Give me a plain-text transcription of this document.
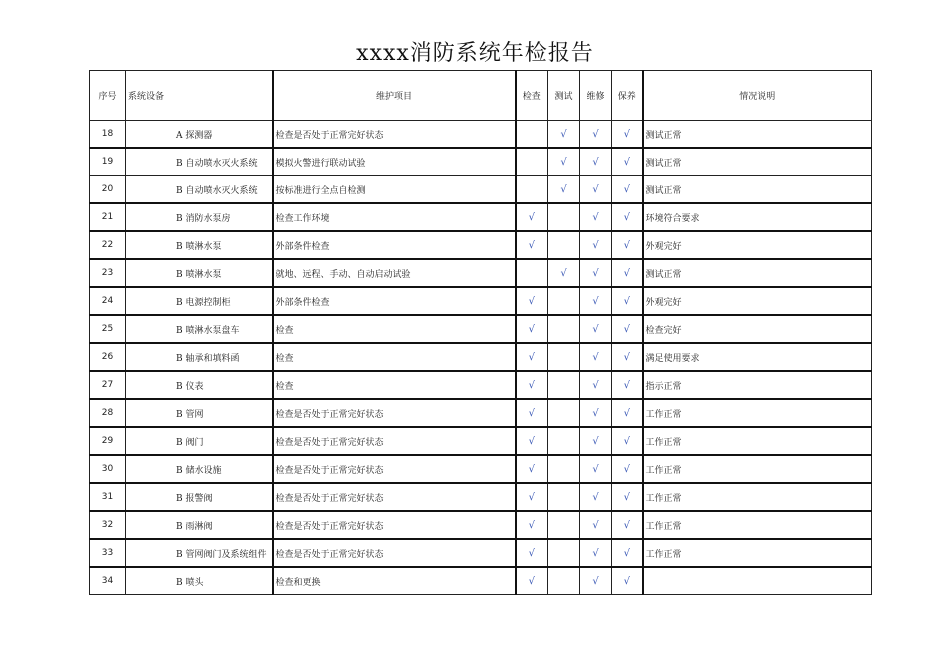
xxxx消防系统年检报告
序号	系统设备	维护项目	检查	测试	维修	保养	情况说明
18	A 探测器	检查是否处于正常完好状态		√	√	√	测试正常
19	B 自动喷水灭火系统	模拟火警进行联动试验		√	√	√	测试正常
20	B 自动喷水灭火系统	按标准进行全点自检测		√	√	√	测试正常
21	B 消防水泵房	检查工作环境	√		√	√	环境符合要求
22	B 喷淋水泵	外部条件检查	√		√	√	外观完好
23	B 喷淋水泵	就地、远程、手动、自动启动试验		√	√	√	测试正常
24	B 电源控制柜	外部条件检查	√		√	√	外观完好
25	B 喷淋水泵盘车	检查	√		√	√	检查完好
26	B 轴承和填料函	检查	√		√	√	满足使用要求
27	B 仪表	检查	√		√	√	指示正常
28	B 管网	检查是否处于正常完好状态	√		√	√	工作正常
29	B 阀门	检查是否处于正常完好状态	√		√	√	工作正常
30	B 储水设施	检查是否处于正常完好状态	√		√	√	工作正常
31	B 报警阀	检查是否处于正常完好状态	√		√	√	工作正常
32	B 雨淋阀	检查是否处于正常完好状态	√		√	√	工作正常
33	B 管网阀门及系统组件	检查是否处于正常完好状态	√		√	√	工作正常
34	B 喷头	检查和更换	√		√	√	
